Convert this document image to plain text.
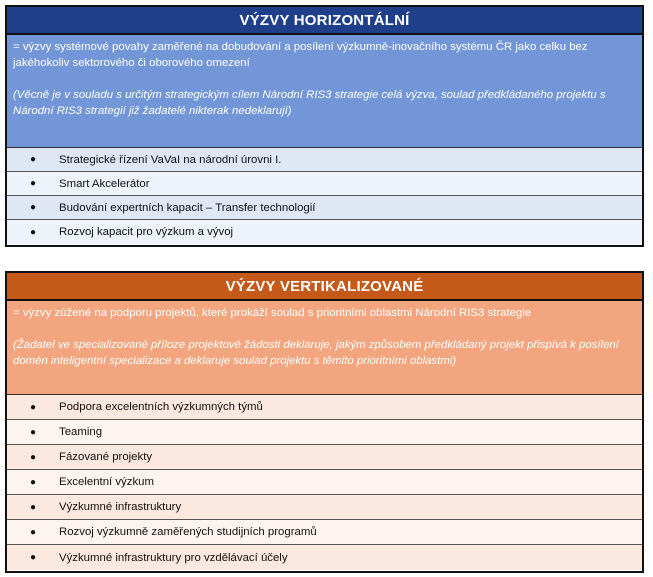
VÝZVY HORIZONTÁLNÍ
= výzvy systémové povahy zaměřené na dobudování a posílení výzkumně-inovačního systému ČR jako celku bez jakéhokoliv sektorového či oborového omezení
(Věcně je v souladu s určitým strategickým cílem Národní RIS3 strategie celá výzva, soulad předkládaného projektu s Národní RIS3 strategií již žadatelé nikterak nedeklarují)
●	Strategické řízení VaVaI na národní úrovni I.
●	Smart Akcelerátor
●	Budování expertních kapacit – Transfer technologií
●	Rozvoj kapacit pro výzkum a vývoj
VÝZVY VERTIKALIZOVANÉ
= výzvy zúžené na podporu projektů, které prokáží soulad s prioritními oblastmi Národní RIS3 strategie
(Žadatel ve specializované příloze projektové žádosti deklaruje, jakým způsobem předkládaný projekt přispívá k posílení domén inteligentní specializace a deklaruje soulad projektu s těmito prioritními oblastmi)
●	Podpora excelentních výzkumných týmů
●	Teaming
●	Fázované projekty
●	Excelentní výzkum
●	Výzkumné infrastruktury
●	Rozvoj výzkumně zaměřených studijních programů
●	Výzkumné infrastruktury pro vzdělávací účely
